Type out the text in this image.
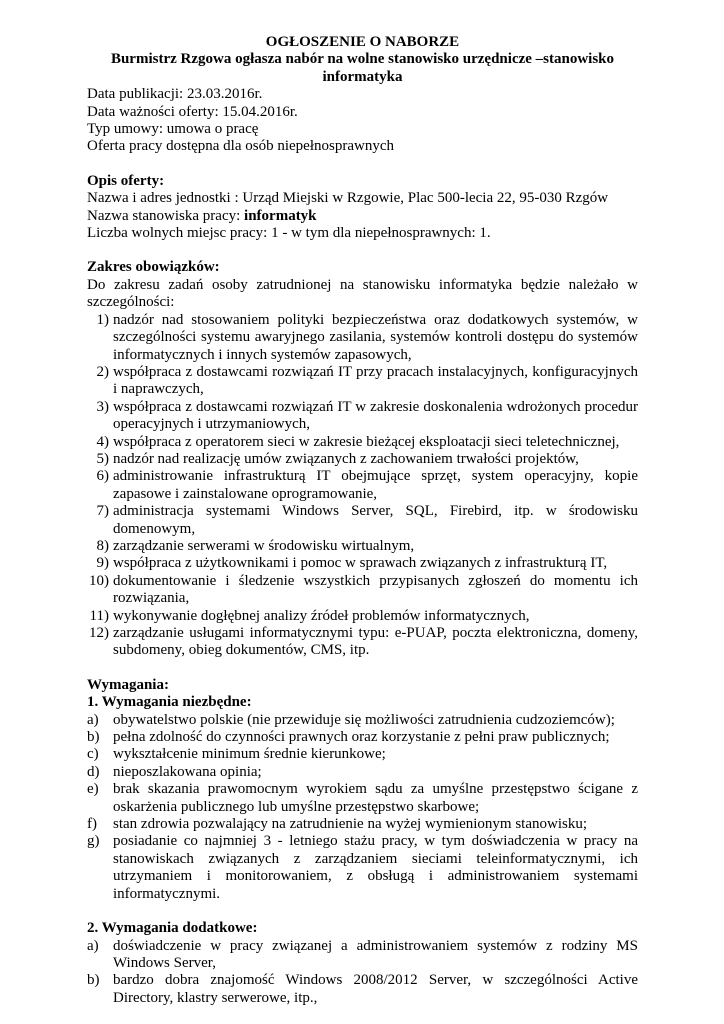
OGŁOSZENIE O NABORZE

Burmistrz Rzgowa ogłasza nabór na wolne stanowisko urzędnicze –stanowisko informatyka

Data publikacji: 23.03.2016r.

Data ważności oferty: 15.04.2016r.

Typ umowy: umowa o pracę

Oferta pracy dostępna dla osób niepełnosprawnych

Opis oferty:

Nazwa i adres jednostki : Urząd Miejski w Rzgowie, Plac 500-lecia 22, 95-030 Rzgów

Nazwa stanowiska pracy: informatyk

Liczba wolnych miejsc pracy: 1 - w tym dla niepełnosprawnych: 1.

Zakres obowiązków:

Do zakresu zadań osoby zatrudnionej na stanowisku informatyka będzie należało w szczególności:

1) nadzór nad stosowaniem polityki bezpieczeństwa oraz dodatkowych systemów, w szczególności systemu awaryjnego zasilania, systemów kontroli dostępu do systemów informatycznych i innych systemów zapasowych,
2) współpraca z dostawcami rozwiązań IT przy pracach instalacyjnych, konfiguracyjnych i naprawczych,
3) współpraca z dostawcami rozwiązań IT w zakresie doskonalenia wdrożonych procedur operacyjnych i utrzymaniowych,
4) współpraca z operatorem sieci w zakresie bieżącej eksploatacji sieci teletechnicznej,
5) nadzór nad realizację umów związanych z zachowaniem trwałości projektów,
6) administrowanie infrastrukturą IT obejmujące sprzęt, system operacyjny, kopie zapasowe i zainstalowane oprogramowanie,
7) administracja systemami Windows Server, SQL, Firebird, itp. w środowisku domenowym,
8) zarządzanie serwerami w środowisku wirtualnym,
9) współpraca z użytkownikami i pomoc w sprawach związanych z infrastrukturą IT,
10) dokumentowanie i śledzenie wszystkich przypisanych zgłoszeń do momentu ich rozwiązania,
11) wykonywanie dogłębnej analizy źródeł problemów informatycznych,
12) zarządzanie usługami informatycznymi typu: e-PUAP, poczta elektroniczna, domeny, subdomeny, obieg dokumentów, CMS, itp.

Wymagania:

1. Wymagania niezbędne:

a) obywatelstwo polskie (nie przewiduje się możliwości zatrudnienia cudzoziemców);
b) pełna zdolność do czynności prawnych oraz korzystanie z pełni praw publicznych;
c) wykształcenie minimum średnie kierunkowe;
d) nieposzlakowana opinia;
e) brak skazania prawomocnym wyrokiem sądu za umyślne przestępstwo ścigane z oskarżenia publicznego lub umyślne przestępstwo skarbowe;
f)	stan zdrowia pozwalający na zatrudnienie na wyżej wymienionym stanowisku;
g) posiadanie co najmniej 3 - letniego stażu pracy, w tym doświadczenia w pracy na stanowiskach związanych z zarządzaniem sieciami teleinformatycznymi, ich utrzymaniem i monitorowaniem, z obsługą i administrowaniem systemami informatycznymi.

2. Wymagania dodatkowe:

a) doświadczenie w pracy związanej a administrowaniem systemów z rodziny MS Windows Server,
b) bardzo dobra znajomość Windows 2008/2012 Server, w szczególności Active Directory, klastry serwerowe, itp.,
